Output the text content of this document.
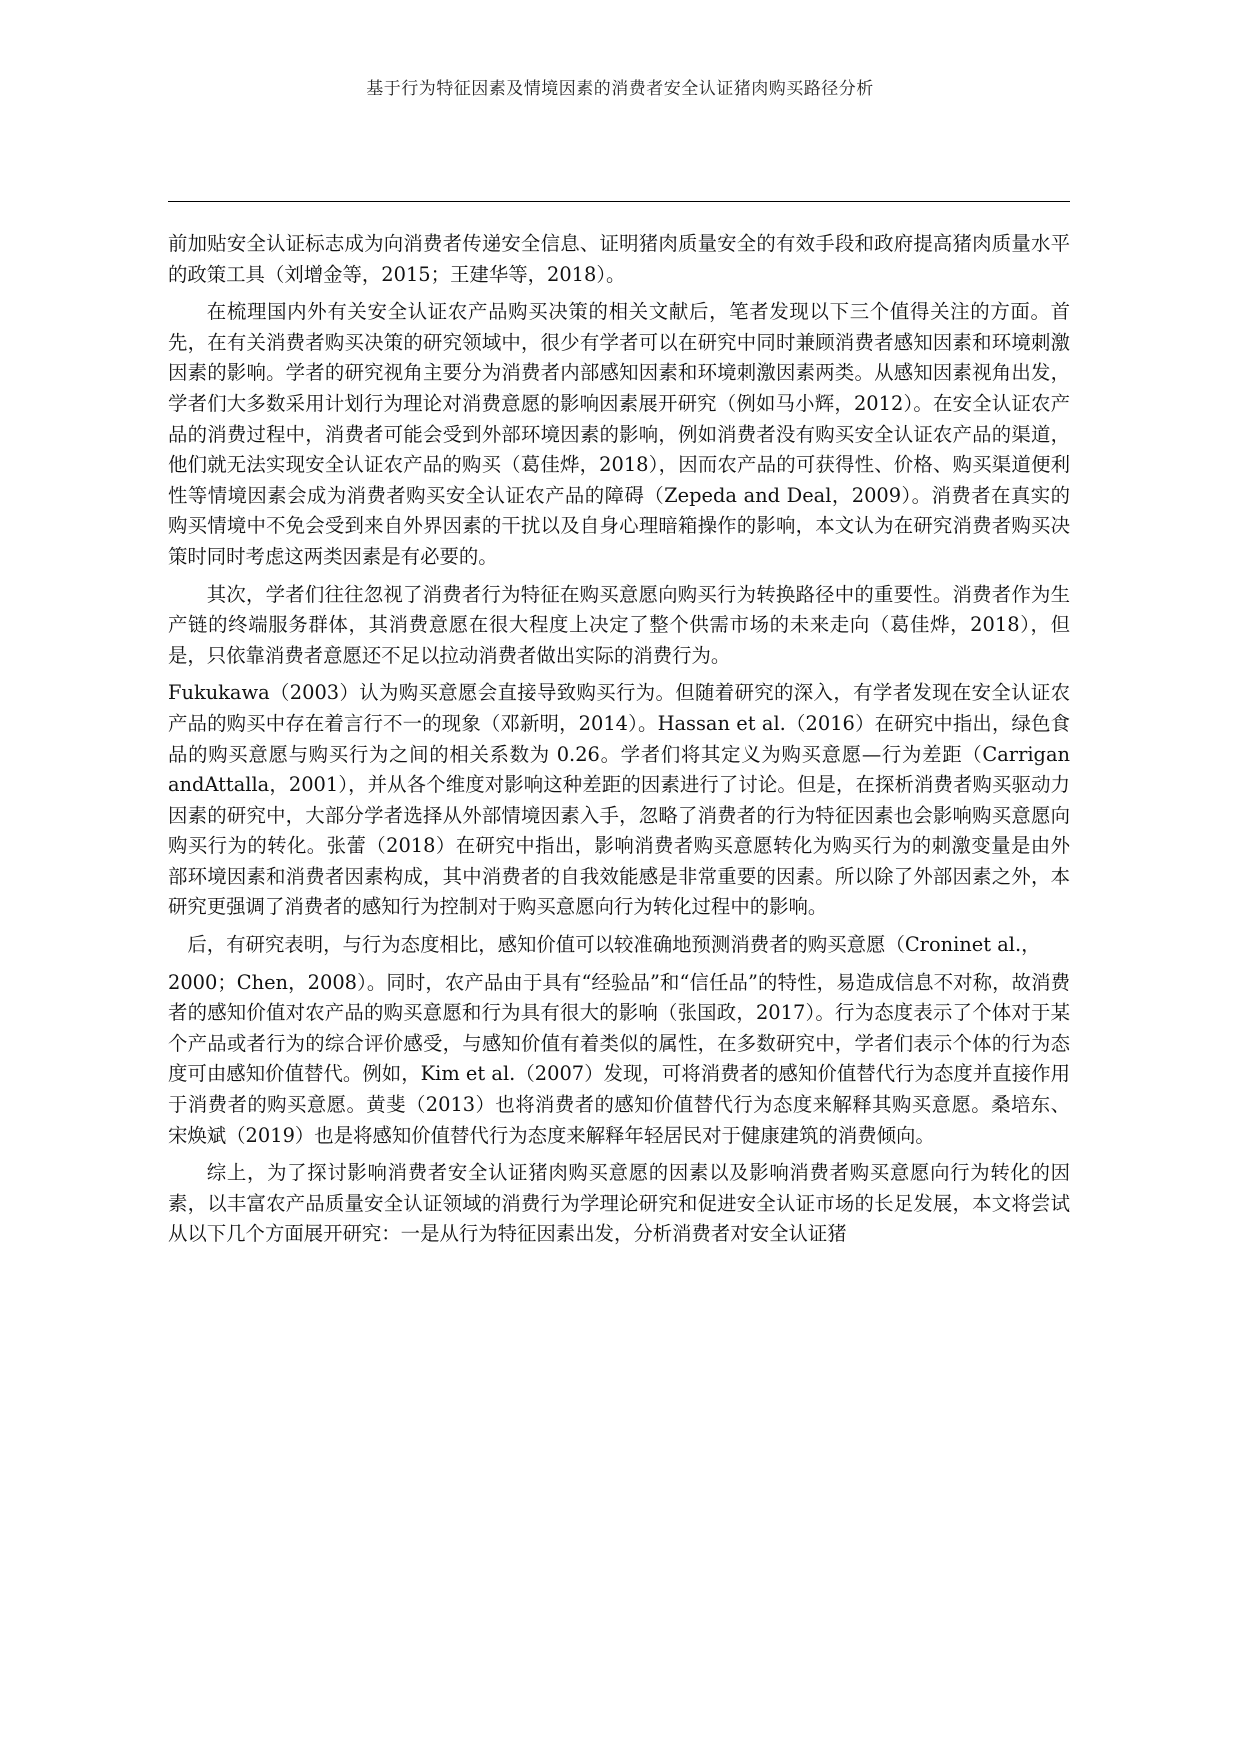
基于行为特征因素及情境因素的消费者安全认证猪肉购买路径分析

前加贴安全认证标志成为向消费者传递安全信息、证明猪肉质量安全的有效手段和政府提高猪肉质量水平的政策工具（刘增金等，2015；王建华等，2018）。

在梳理国内外有关安全认证农产品购买决策的相关文献后，笔者发现以下三个值得关注的方面。首先，在有关消费者购买决策的研究领域中，很少有学者可以在研究中同时兼顾消费者感知因素和环境刺激因素的影响。学者的研究视角主要分为消费者内部感知因素和环境刺激因素两类。从感知因素视角出发，学者们大多数采用计划行为理论对消费意愿的影响因素展开研究（例如马小辉，2012）。在安全认证农产品的消费过程中，消费者可能会受到外部环境因素的影响，例如消费者没有购买安全认证农产品的渠道，他们就无法实现安全认证农产品的购买（葛佳烨，2018），因而农产品的可获得性、价格、购买渠道便利性等情境因素会成为消费者购买安全认证农产品的障碍（Zepeda and Deal，2009）。消费者在真实的购买情境中不免会受到来自外界因素的干扰以及自身心理暗箱操作的影响，本文认为在研究消费者购买决策时同时考虑这两类因素是有必要的。

其次，学者们往往忽视了消费者行为特征在购买意愿向购买行为转换路径中的重要性。消费者作为生产链的终端服务群体，其消费意愿在很大程度上决定了整个供需市场的未来走向（葛佳烨，2018），但是，只依靠消费者意愿还不足以拉动消费者做出实际的消费行为。

Fukukawa（2003）认为购买意愿会直接导致购买行为。但随着研究的深入，有学者发现在安全认证农产品的购买中存在着言行不一的现象（邓新明，2014）。Hassan et al.（2016）在研究中指出，绿色食品的购买意愿与购买行为之间的相关系数为 0.26。学者们将其定义为购买意愿—行为差距（Carrigan andAttalla，2001），并从各个维度对影响这种差距的因素进行了讨论。但是，在探析消费者购买驱动力因素的研究中，大部分学者选择从外部情境因素入手，忽略了消费者的行为特征因素也会影响购买意愿向购买行为的转化。张蕾（2018）在研究中指出，影响消费者购买意愿转化为购买行为的刺激变量是由外部环境因素和消费者因素构成，其中消费者的自我效能感是非常重要的因素。所以除了外部因素之外，本研究更强调了消费者的感知行为控制对于购买意愿向行为转化过程中的影响。

后，有研究表明，与行为态度相比，感知价值可以较准确地预测消费者的购买意愿（Croninet al.，

2000；Chen，2008）。同时，农产品由于具有“经验品”和“信任品”的特性，易造成信息不对称，故消费者的感知价值对农产品的购买意愿和行为具有很大的影响（张国政，2017）。行为态度表示了个体对于某个产品或者行为的综合评价感受，与感知价值有着类似的属性，在多数研究中，学者们表示个体的行为态度可由感知价值替代。例如，Kim et al.（2007）发现，可将消费者的感知价值替代行为态度并直接作用于消费者的购买意愿。黄斐（2013）也将消费者的感知价值替代行为态度来解释其购买意愿。桑培东、宋焕斌（2019）也是将感知价值替代行为态度来解释年轻居民对于健康建筑的消费倾向。

综上，为了探讨影响消费者安全认证猪肉购买意愿的因素以及影响消费者购买意愿向行为转化的因素，以丰富农产品质量安全认证领域的消费行为学理论研究和促进安全认证市场的长足发展，本文将尝试从以下几个方面展开研究：一是从行为特征因素出发，分析消费者对安全认证猪
